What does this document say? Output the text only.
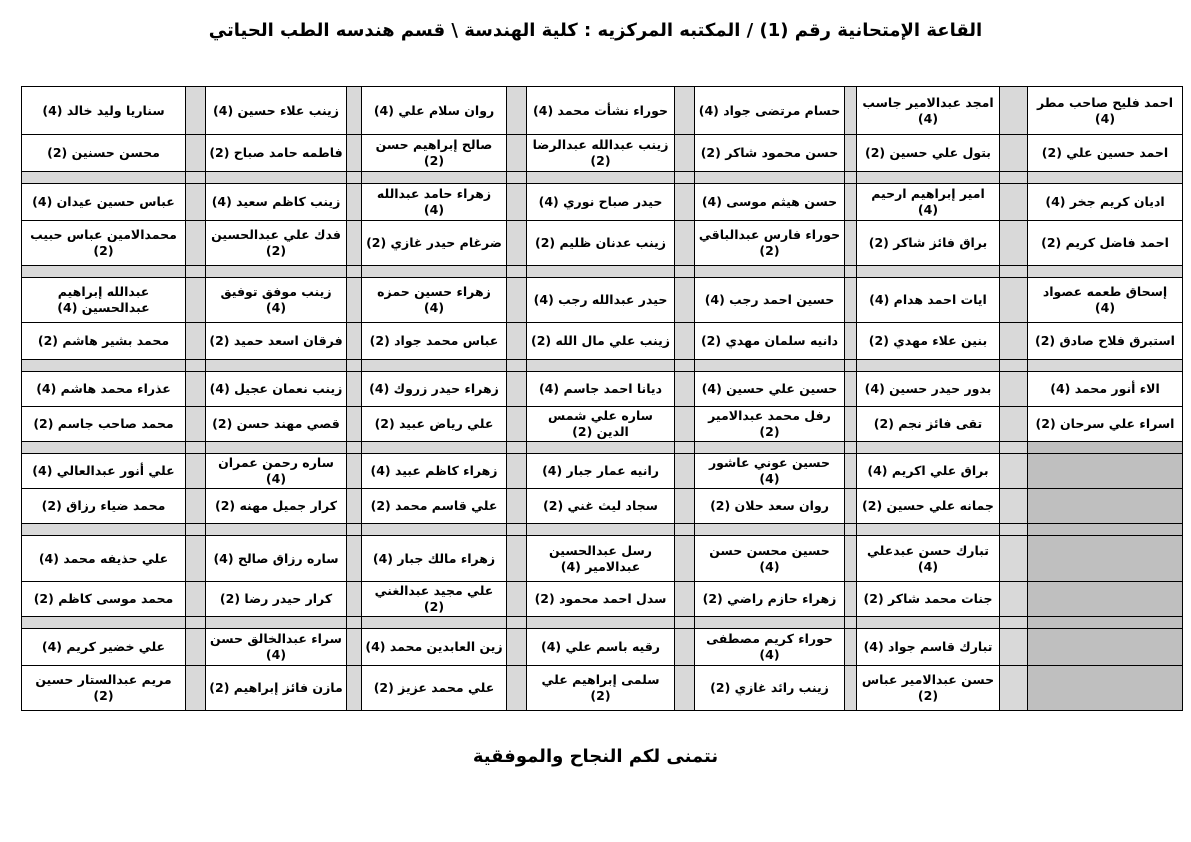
القاعة الإمتحانية رقم (1) / المكتبه المركزيه : كلية الهندسة \ قسم هندسه الطب الحياتي
احمد فليح صاحب مطر (4)		امجد عبدالامير جاسب (4)		حسام مرتضى جواد (4)		حوراء نشأت محمد (4)		روان سلام علي (4)		زينب علاء حسين (4)		سناريا وليد خالد (4)
احمد حسين علي (2)		بتول علي حسين (2)		حسن محمود شاكر (2)		زينب عبدالله عبدالرضا (2)		صالح إبراهيم حسن (2)		فاطمه حامد صباح (2)		محسن حسنين (2)

اديان كريم جخر (4)		امير إبراهيم ارحيم (4)		حسن هيثم موسى (4)		حيدر صباح نوري (4)		زهراء حامد عبدالله (4)		زينب كاظم سعيد (4)		عباس حسين عيدان (4)
احمد فاضل كريم (2)		براق فائز شاكر (2)		حوراء فارس عبدالباقي (2)		زينب عدنان ظليم (2)		ضرغام حيدر غازي (2)		فدك علي عبدالحسين (2)		محمدالامين عباس حبيب (2)

إسحاق طعمه عصواد (4)		ايات احمد هدام (4)		حسين احمد رجب (4)		حيدر عبدالله رجب (4)		زهراء حسين حمزه (4)		زينب موفق توفيق (4)		عبدالله إبراهيم عبدالحسين (4)
استبرق فلاح صادق (2)		بنين علاء مهدي (2)		دانيه سلمان مهدي (2)		زينب علي مال الله (2)		عباس محمد جواد (2)		فرقان اسعد حميد (2)		محمد بشير هاشم (2)

الاء أنور محمد (4)		بدور حيدر حسين (4)		حسين علي حسين (4)		ديانا احمد جاسم (4)		زهراء حيدر زروك (4)		زينب نعمان عجيل (4)		عذراء محمد هاشم (4)
اسراء علي سرحان (2)		تقى فائز نجم (2)		رفل محمد عبدالامير (2)		ساره علي شمس الدين (2)		علي رياض عبيد (2)		قصي مهند حسن (2)		محمد صاحب جاسم (2)

		براق علي اكريم (4)		حسين عوني عاشور (4)		رانيه عمار جبار (4)		زهراء كاظم عبيد (4)		ساره رحمن عمران (4)		علي أنور عبدالعالي (4)
		جمانه علي حسين (2)		روان سعد حلان (2)		سجاد ليث غني (2)		علي قاسم محمد (2)		كرار جميل مهنه (2)		محمد ضياء رزاق (2)

		تبارك حسن عبدعلي (4)		حسين محسن حسن (4)		رسل عبدالحسين عبدالامير (4)		زهراء مالك جبار (4)		ساره رزاق صالح (4)		علي حذيفه محمد (4)
		جنات محمد شاكر (2)		زهراء حازم راضي (2)		سدل احمد محمود (2)		علي مجيد عبدالغني (2)		كرار حيدر رضا (2)		محمد موسى كاظم (2)

		تبارك قاسم جواد (4)		حوراء كريم مصطفى (4)		رقيه باسم علي (4)		زين العابدين محمد (4)		سراء عبدالخالق حسن (4)		علي خضير كريم (4)
		حسن عبدالامير عباس (2)		زينب رائد غازي (2)		سلمى إبراهيم علي (2)		علي محمد عزيز (2)		مازن فائز إبراهيم (2)		مريم عبدالستار حسين (2)
نتمنى لكم النجاح والموفقية
